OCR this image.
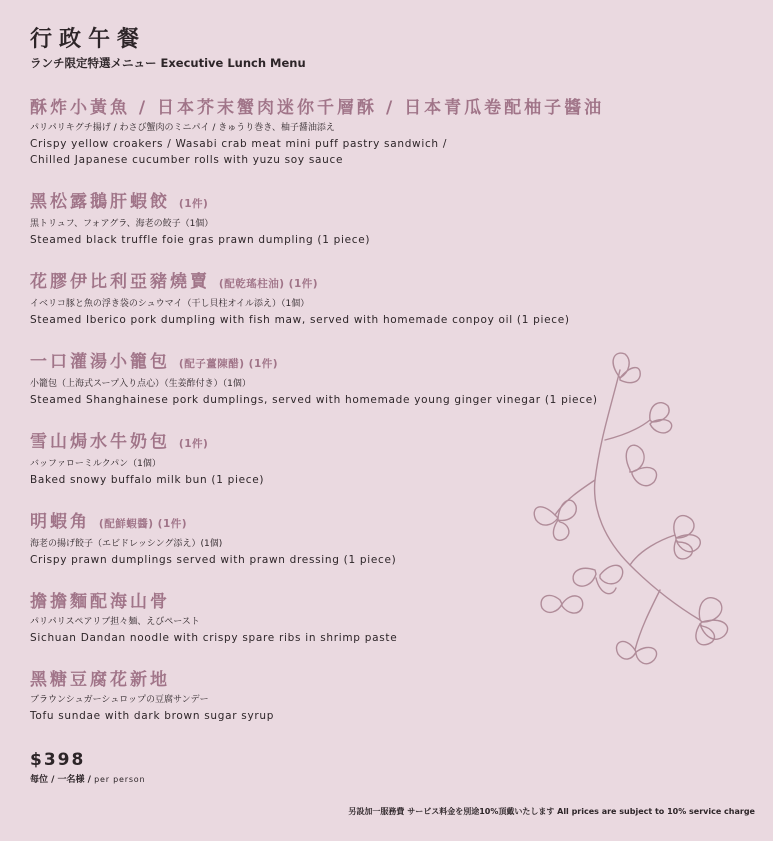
行政午餐
ランチ限定特選メニュー Executive Lunch Menu
酥炸小黃魚 / 日本芥末蟹肉迷你千層酥 / 日本青瓜卷配柚子醬油
パリパリキグチ揚げ / わさび蟹肉のミニパイ / きゅうり巻き、柚子醤油添え
Crispy yellow croakers / Wasabi crab meat mini puff pastry sandwich /
Chilled Japanese cucumber rolls with yuzu soy sauce
黑松露鵝肝蝦餃 (1件)
黒トリュフ、フォアグラ、海老の餃子（1個）
Steamed black truffle foie gras prawn dumpling (1 piece)
花膠伊比利亞豬燒賣 (配乾瑤柱油) (1件)
イベリコ豚と魚の浮き袋のシュウマイ（干し貝柱オイル添え）（1個）
Steamed Iberico pork dumpling with fish maw, served with homemade conpoy oil (1 piece)
一口灌湯小籠包 (配子薑陳醋) (1件)
小籠包（上海式スープ入り点心）（生姜酢付き）（1個）
Steamed Shanghainese pork dumplings, served with homemade young ginger vinegar (1 piece)
雪山焗水牛奶包 (1件)
バッファローミルクパン（1個）
Baked snowy buffalo milk bun (1 piece)
明蝦角 (配鮮蝦醬) (1件)
海老の揚げ餃子（エビドレッシング添え）(1個)
Crispy prawn dumplings served with prawn dressing (1 piece)
擔擔麵配海山骨
パリパリスペアリブ担々麺、えびペースト
Sichuan Dandan noodle with crispy spare ribs in shrimp paste
黑糖豆腐花新地
ブラウンシュガーシュロップの豆腐サンデー
Tofu sundae with dark brown sugar syrup
$398
每位 / 一名様 / per person
另設加一服務費 サービス料金を別途10%頂戴いたします All prices are subject to 10% service charge
